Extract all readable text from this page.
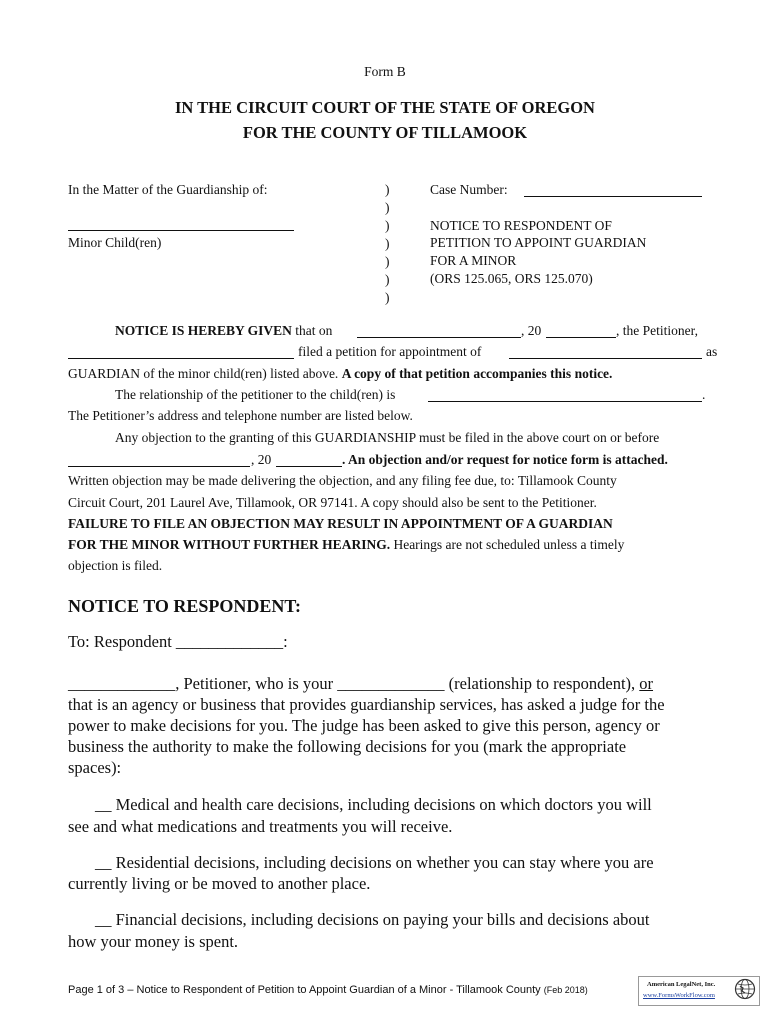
Form B
IN THE CIRCUIT COURT OF THE STATE OF OREGON
FOR THE COUNTY OF TILLAMOOK
In the Matter of the Guardianship of:
Minor Child(ren)
)
)
)
)
)
)
)
Case Number:
NOTICE TO RESPONDENT OF
PETITION TO APPOINT GUARDIAN
FOR A MINOR
(ORS 125.065, ORS 125.070)
NOTICE IS HEREBY GIVEN that on	, 20	, the Petitioner,
filed a petition for appointment of	as
GUARDIAN of the minor child(ren) listed above. A copy of that petition accompanies this notice.
The relationship of the petitioner to the child(ren) is	.
The Petitioner’s address and telephone number are listed below.
Any objection to the granting of this GUARDIANSHIP must be filed in the above court on or before
, 20	. An objection and/or request for notice form is attached.
Written objection may be made delivering the objection, and any filing fee due, to: Tillamook County
Circuit Court, 201 Laurel Ave, Tillamook, OR 97141. A copy should also be sent to the Petitioner.
FAILURE TO FILE AN OBJECTION MAY RESULT IN APPOINTMENT OF A GUARDIAN
FOR THE MINOR WITHOUT FURTHER HEARING. Hearings are not scheduled unless a timely
objection is filed.
NOTICE TO RESPONDENT:
To: Respondent _____________:
_____________, Petitioner, who is your _____________ (relationship to respondent), or
that is an agency or business that provides guardianship services, has asked a judge for the
power to make decisions for you. The judge has been asked to give this person, agency or
business the authority to make the following decisions for you (mark the appropriate
spaces):
__ Medical and health care decisions, including decisions on which doctors you will
see and what medications and treatments you will receive.
__ Residential decisions, including decisions on whether you can stay where you are
currently living or be moved to another place.
__ Financial decisions, including decisions on paying your bills and decisions about
how your money is spent.
Page 1 of 3 – Notice to Respondent of Petition to Appoint Guardian of a Minor - Tillamook County (Feb 2018)
American LegalNet, Inc.
www.FormsWorkFlow.com
